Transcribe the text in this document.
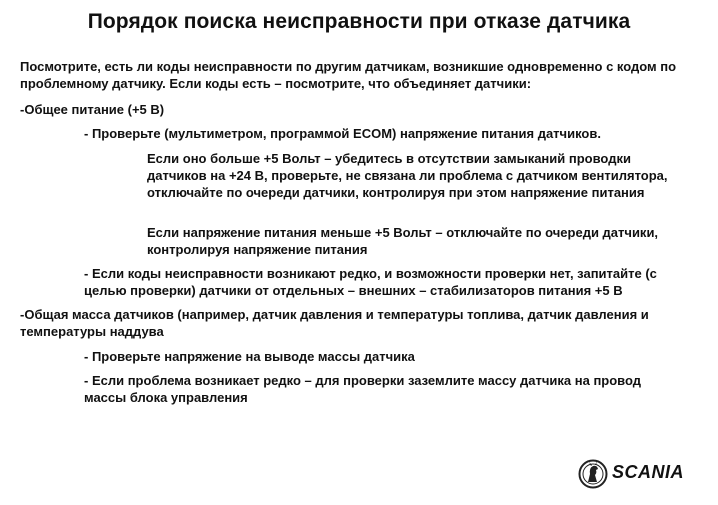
Порядок поиска неисправности при отказе датчика
Посмотрите, есть ли коды неисправности по другим датчикам, возникшие одновременно с кодом по проблемному датчику. Если коды есть – посмотрите, что объединяет датчики:
-Общее питание (+5 В)
- Проверьте (мультиметром, программой ECOM) напряжение питания датчиков.
Если оно больше +5 Вольт – убедитесь в отсутствии замыканий проводки датчиков на +24 В, проверьте, не связана ли проблема с датчиком вентилятора, отключайте по очереди датчики, контролируя при этом напряжение питания
Если напряжение питания меньше +5 Вольт – отключайте по очереди датчики, контролируя напряжение питания
- Если коды неисправности возникают редко, и возможности проверки нет, запитайте (с целью проверки) датчики от отдельных – внешних – стабилизаторов питания +5 В
-Общая масса датчиков (например, датчик давления и температуры топлива, датчик давления и температуры наддува
- Проверьте напряжение на выводе массы датчика
- Если проблема возникает редко – для проверки заземлите массу датчика на провод массы блока управления
SCANIA
